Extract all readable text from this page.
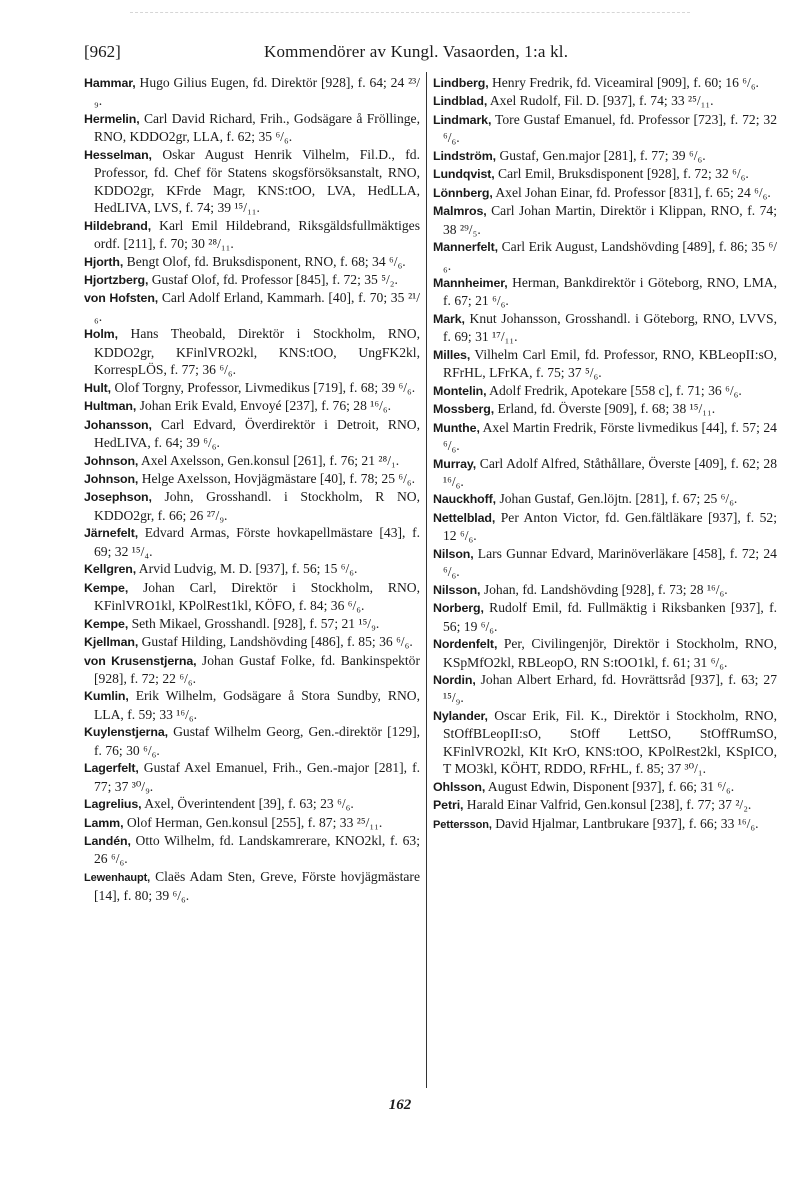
[962]	Kommendörer av Kungl. Vasaorden, 1:a kl.

Hammar, Hugo Gilius Eugen, fd. Direktör [928], f. 64; 24 ²³/₉.

Hermelin, Carl David Richard, Frih., Godsägare å Fröllinge, RNO, KDDO2gr, LLA, f. 62; 35 ⁶/₆.

Hesselman, Oskar August Henrik Vilhelm, Fil.D., fd. Professor, fd. Chef för Statens skogsförsöksanstalt, RNO, KDDO2gr, KFrde Magr, KNS:tOO, LVA, HedLLA, HedLIVA, LVS, f. 74; 39 ¹⁵/₁₁.

Hildebrand, Karl Emil Hildebrand, Riksgäldsfullmäktiges ordf. [211], f. 70; 30 ²⁸/₁₁.

Hjorth, Bengt Olof, fd. Bruksdisponent, RNO, f. 68; 34 ⁶/₆.

Hjortzberg, Gustaf Olof, fd. Professor [845], f. 72; 35 ⁵/₂.

von Hofsten, Carl Adolf Erland, Kammarh. [40], f. 70; 35 ²¹/₆.

Holm, Hans Theobald, Direktör i Stockholm, RNO, KDDO2gr, KFinlVRO2kl, KNS:tOO, UngFK2kl, KorrespLÖS, f. 77; 36 ⁶/₆.

Hult, Olof Torgny, Professor, Livmedikus [719], f. 68; 39 ⁶/₆.

Hultman, Johan Erik Evald, Envoyé [237], f. 76; 28 ¹⁶/₆.

Johansson, Carl Edvard, Överdirektör i Detroit, RNO, HedLIVA, f. 64; 39 ⁶/₆.

Johnson, Axel Axelsson, Gen.konsul [261], f. 76; 21 ²⁸/₁.

Johnson, Helge Axelsson, Hovjägmästare [40], f. 78; 25 ⁶/₆.

Josephson, John, Grosshandl. i Stockholm, R NO, KDDO2gr, f. 66; 26 ²⁷/₉.

Järnefelt, Edvard Armas, Förste hovkapellmästare [43], f. 69; 32 ¹⁵/₄.

Kellgren, Arvid Ludvig, M. D. [937], f. 56; 15 ⁶/₆.

Kempe, Johan Carl, Direktör i Stockholm, RNO, KFinlVRO1kl, KPolRest1kl, KÖFO, f. 84; 36 ⁶/₆.

Kempe, Seth Mikael, Grosshandl. [928], f. 57; 21 ¹⁵/₉.

Kjellman, Gustaf Hilding, Landshövding [486], f. 85; 36 ⁶/₆.

von Krusenstjerna, Johan Gustaf Folke, fd. Bankinspektör [928], f. 72; 22 ⁶/₆.

Kumlin, Erik Wilhelm, Godsägare å Stora Sundby, RNO, LLA, f. 59; 33 ¹⁶/₆.

Kuylenstjerna, Gustaf Wilhelm Georg, Gen.-direktör [129], f. 76; 30 ⁶/₆.

Lagerfelt, Gustaf Axel Emanuel, Frih., Gen.-major [281], f. 77; 37 ³⁰/₉.

Lagrelius, Axel, Överintendent [39], f. 63; 23 ⁶/₆.

Lamm, Olof Herman, Gen.konsul [255], f. 87; 33 ²⁵/₁₁.

Landén, Otto Wilhelm, fd. Landskamrerare, KNO2kl, f. 63; 26 ⁶/₆.

Lewenhaupt, Claës Adam Sten, Greve, Förste hovjägmästare [14], f. 80; 39 ⁶/₆.

Lindberg, Henry Fredrik, fd. Viceamiral [909], f. 60; 16 ⁶/₆.

Lindblad, Axel Rudolf, Fil. D. [937], f. 74; 33 ²⁵/₁₁.

Lindmark, Tore Gustaf Emanuel, fd. Professor [723], f. 72; 32 ⁶/₆.

Lindström, Gustaf, Gen.major [281], f. 77; 39 ⁶/₆.

Lundqvist, Carl Emil, Bruksdisponent [928], f. 72; 32 ⁶/₆.

Lönnberg, Axel Johan Einar, fd. Professor [831], f. 65; 24 ⁶/₆.

Malmros, Carl Johan Martin, Direktör i Klippan, RNO, f. 74; 38 ²⁹/₅.

Mannerfelt, Carl Erik August, Landshövding [489], f. 86; 35 ⁶/₆.

Mannheimer, Herman, Bankdirektör i Göteborg, RNO, LMA, f. 67; 21 ⁶/₆.

Mark, Knut Johansson, Grosshandl. i Göteborg, RNO, LVVS, f. 69; 31 ¹⁷/₁₁.

Milles, Vilhelm Carl Emil, fd. Professor, RNO, KBLeopII:sO, RFrHL, LFrKA, f. 75; 37 ⁵/₆.

Montelin, Adolf Fredrik, Apotekare [558 c], f. 71; 36 ⁶/₆.

Mossberg, Erland, fd. Överste [909], f. 68; 38 ¹⁵/₁₁.

Munthe, Axel Martin Fredrik, Förste livmedikus [44], f. 57; 24 ⁶/₆.

Murray, Carl Adolf Alfred, Ståthållare, Överste [409], f. 62; 28 ¹⁶/₆.

Nauckhoff, Johan Gustaf, Gen.löjtn. [281], f. 67; 25 ⁶/₆.

Nettelblad, Per Anton Victor, fd. Gen.fältläkare [937], f. 52; 12 ⁶/₆.

Nilson, Lars Gunnar Edvard, Marinöverläkare [458], f. 72; 24 ⁶/₆.

Nilsson, Johan, fd. Landshövding [928], f. 73; 28 ¹⁶/₆.

Norberg, Rudolf Emil, fd. Fullmäktig i Riksbanken [937], f. 56; 19 ⁶/₆.

Nordenfelt, Per, Civilingenjör, Direktör i Stockholm, RNO, KSpMfO2kl, RBLeopO, RN S:tOO1kl, f. 61; 31 ⁶/₆.

Nordin, Johan Albert Erhard, fd. Hovrättsråd [937], f. 63; 27 ¹⁵/₉.

Nylander, Oscar Erik, Fil. K., Direktör i Stockholm, RNO, StOffBLeopII:sO, StOff LettSO, StOffRumSO, KFinlVRO2kl, KIt KrO, KNS:tOO, KPolRest2kl, KSpICO, T MO3kl, KÖHT, RDDO, RFrHL, f. 85; 37 ³⁰/₁.

Ohlsson, August Edwin, Disponent [937], f. 66; 31 ⁶/₆.

Petri, Harald Einar Valfrid, Gen.konsul [238], f. 77; 37 ²/₂.

Pettersson, David Hjalmar, Lantbrukare [937], f. 66; 33 ¹⁶/₆.

162
